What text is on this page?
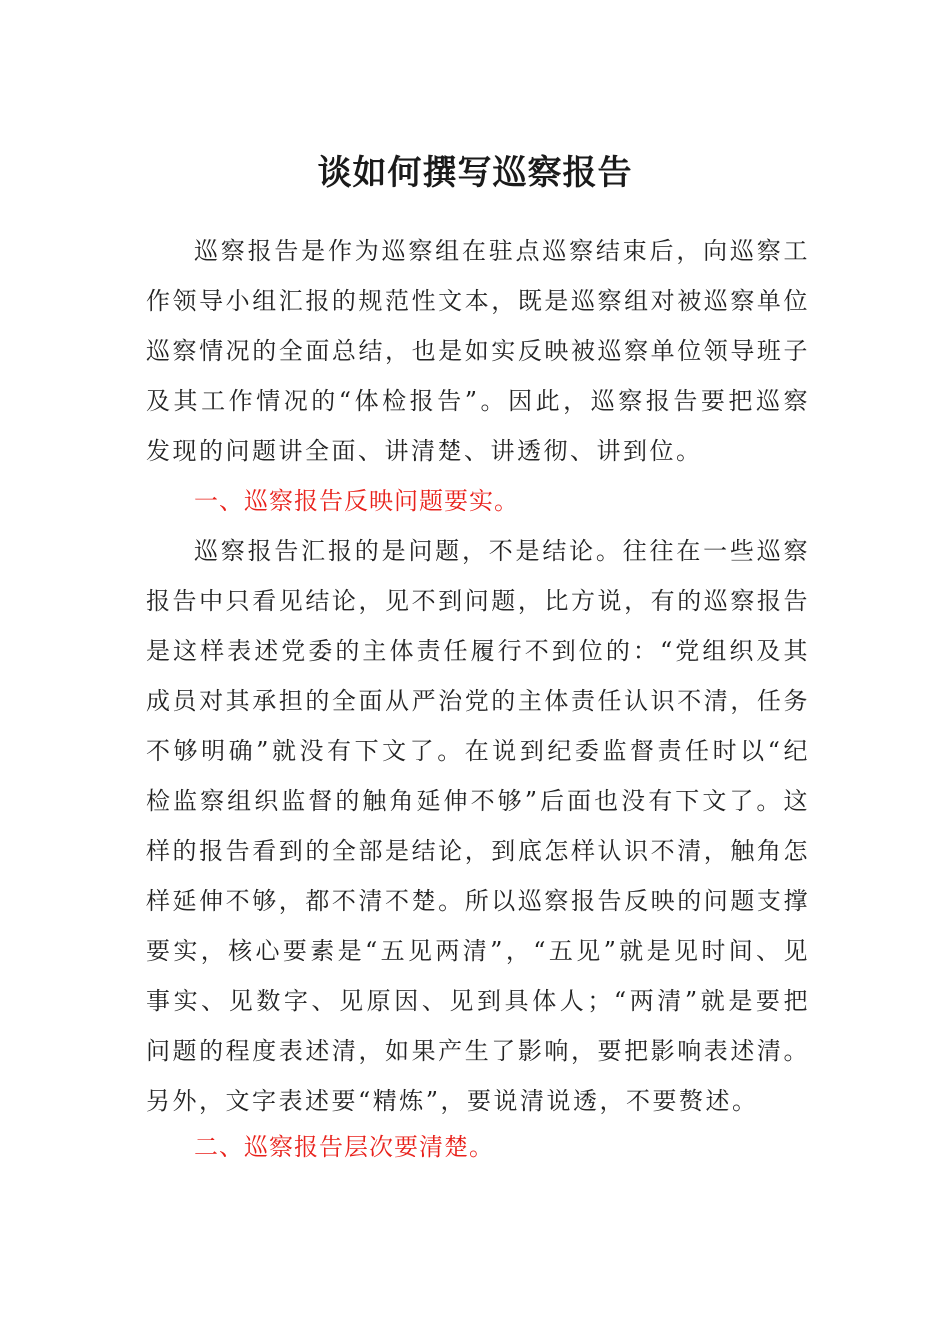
谈如何撰写巡察报告
巡察报告是作为巡察组在驻点巡察结束后，向巡察工作领导小组汇报的规范性文本，既是巡察组对被巡察单位巡察情况的全面总结，也是如实反映被巡察单位领导班子及其工作情况的“体检报告”。因此，巡察报告要把巡察发现的问题讲全面、讲清楚、讲透彻、讲到位。
一、巡察报告反映问题要实。
巡察报告汇报的是问题，不是结论。往往在一些巡察报告中只看见结论，见不到问题，比方说，有的巡察报告是这样表述党委的主体责任履行不到位的：“党组织及其成员对其承担的全面从严治党的主体责任认识不清，任务不够明确”就没有下文了。在说到纪委监督责任时以“纪检监察组织监督的触角延伸不够”后面也没有下文了。这样的报告看到的全部是结论，到底怎样认识不清，触角怎样延伸不够，都不清不楚。所以巡察报告反映的问题支撑要实，核心要素是“五见两清”，“五见”就是见时间、见事实、见数字、见原因、见到具体人；“两清”就是要把问题的程度表述清，如果产生了影响，要把影响表述清。另外，文字表述要“精炼”，要说清说透，不要赘述。
二、巡察报告层次要清楚。
